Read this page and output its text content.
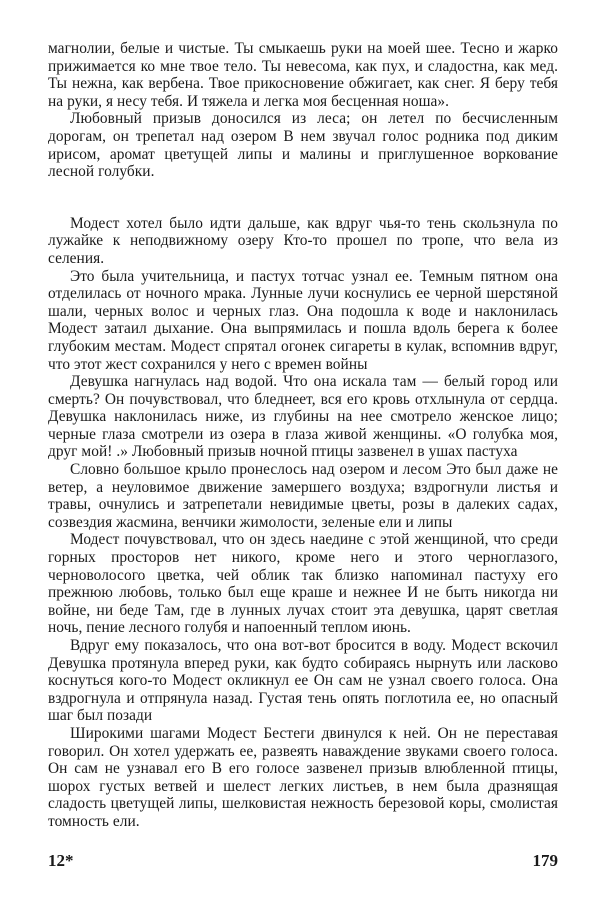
магнолии, белые и чистые. Ты смыкаешь руки на моей шее. Тесно и жарко прижимается ко мне твое тело. Ты невесома, как пух, и сладостна, как мед. Ты нежна, как вербена. Твое прикосновение обжигает, как снег. Я беру тебя на руки, я несу тебя. И тяжела и легка моя бесценная ноша».

Любовный призыв доносился из леса; он летел по бесчисленным дорогам, он трепетал над озером В нем звучал голос родника под диким ирисом, аромат цветущей липы и малины и приглушенное воркование лесной голубки.

Модест хотел было идти дальше, как вдруг чья-то тень скользнула по лужайке к неподвижному озеру Кто-то прошел по тропе, что вела из селения.

Это была учительница, и пастух тотчас узнал ее. Темным пятном она отделилась от ночного мрака. Лунные лучи коснулись ее черной шерстяной шали, черных волос и черных глаз. Она подошла к воде и наклонилась Модест затаил дыхание. Она выпрямилась и пошла вдоль берега к более глубоким местам. Модест спрятал огонек сигареты в кулак, вспомнив вдруг, что этот жест сохранился у него с времен войны

Девушка нагнулась над водой. Что она искала там — белый город или смерть? Он почувствовал, что бледнеет, вся его кровь отхлынула от сердца. Девушка наклонилась ниже, из глубины на нее смотрело женское лицо; черные глаза смотрели из озера в глаза живой женщины. «О голубка моя, друг мой! .» Любовный призыв ночной птицы зазвенел в ушах пастуха

Словно большое крыло пронеслось над озером и лесом Это был даже не ветер, а неуловимое движение замершего воздуха; вздрогнули листья и травы, очнулись и затрепетали невидимые цветы, розы в далеких садах, созвездия жасмина, венчики жимолости, зеленые ели и липы

Модест почувствовал, что он здесь наедине с этой женщиной, что среди горных просторов нет никого, кроме него и этого черноглазого, черноволосого цветка, чей облик так близко напоминал пастуху его прежнюю любовь, только был еще краше и нежнее И не быть никогда ни войне, ни беде Там, где в лунных лучах стоит эта девушка, царят светлая ночь, пение лесного голубя и напоенный теплом июнь.

Вдруг ему показалось, что она вот-вот бросится в воду. Модест вскочил Девушка протянула вперед руки, как будто собираясь нырнуть или ласково коснуться кого-то Модест окликнул ее Он сам не узнал своего голоса. Она вздрогнула и отпрянула назад. Густая тень опять поглотила ее, но опасный шаг был позади

Широкими шагами Модест Бестеги двинулся к ней. Он не переставая говорил. Он хотел удержать ее, развеять наваждение звуками своего голоса. Он сам не узнавал его В его голосе зазвенел призыв влюбленной птицы, шорох густых ветвей и шелест легких листьев, в нем была дразнящая сладость цветущей липы, шелковистая нежность березовой коры, смолистая томность ели.

12*	179
